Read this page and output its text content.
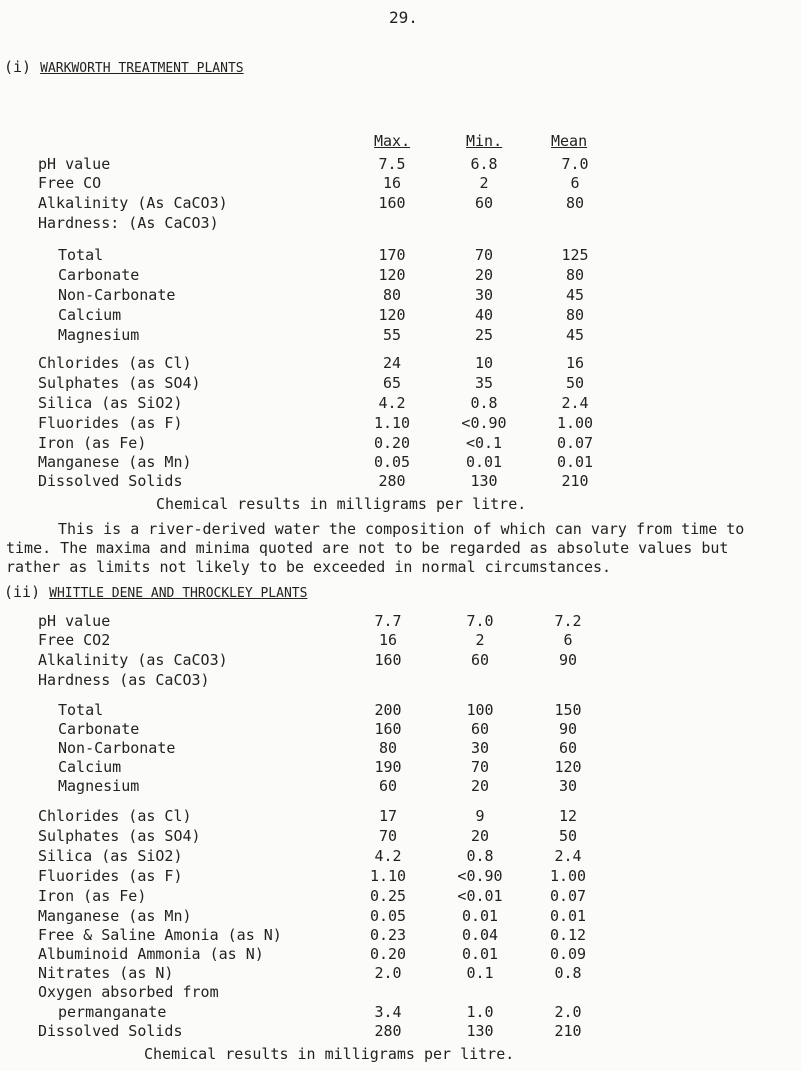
29.
(i) WARKWORTH TREATMENT PLANTS
Max.	Min.	Mean
pH value	7.5	6.8	7.0
Free CO	16	2	6
Alkalinity (As CaCO3)	160	60	80
Hardness: (As CaCO3)
Total	170	70	125
Carbonate	120	20	80
Non-Carbonate	80	30	45
Calcium	120	40	80
Magnesium	55	25	45
Chlorides (as Cl)	24	10	16
Sulphates (as SO4)	65	35	50
Silica (as SiO2)	4.2	0.8	2.4
Fluorides (as F)	1.10	<0.90	1.00
Iron (as Fe)	0.20	<0.1	0.07
Manganese (as Mn)	0.05	0.01	0.01
Dissolved Solids	280	130	210
Chemical results in milligrams per litre.
This is a river-derived water the composition of which can vary from time to time. The maxima and minima quoted are not to be regarded as absolute values but rather as limits not likely to be exceeded in normal circumstances.
(ii) WHITTLE DENE AND THROCKLEY PLANTS
pH value	7.7	7.0	7.2
Free CO2	16	2	6
Alkalinity (as CaCO3)	160	60	90
Hardness (as CaCO3)
Total	200	100	150
Carbonate	160	60	90
Non-Carbonate	80	30	60
Calcium	190	70	120
Magnesium	60	20	30
Chlorides (as Cl)	17	9	12
Sulphates (as SO4)	70	20	50
Silica (as SiO2)	4.2	0.8	2.4
Fluorides (as F)	1.10	<0.90	1.00
Iron (as Fe)	0.25	<0.01	0.07
Manganese (as Mn)	0.05	0.01	0.01
Free & Saline Amonia (as N)	0.23	0.04	0.12
Albuminoid Ammonia (as N)	0.20	0.01	0.09
Nitrates (as N)	2.0	0.1	0.8
Oxygen absorbed from
permanganate	3.4	1.0	2.0
Dissolved Solids	280	130	210
Chemical results in milligrams per litre.
